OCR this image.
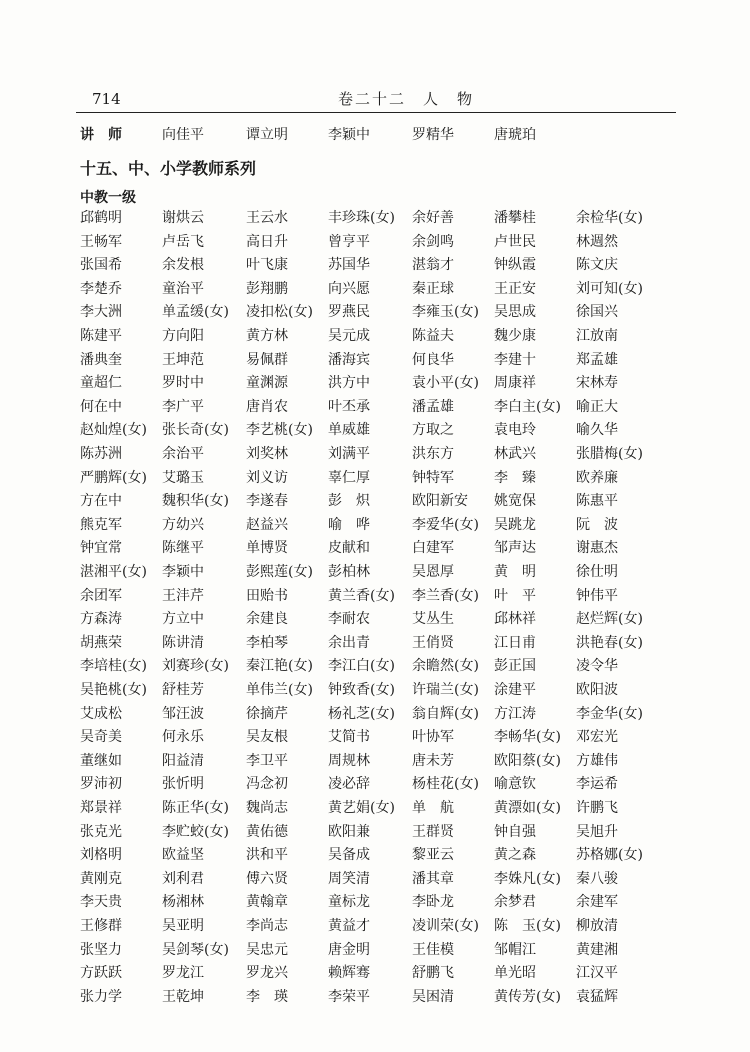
714	卷二十二　人　物
讲师 向佳平	谭立明	李颖中	罗精华	唐琥珀
十五、中、小学教师系列
中教一级
邱鹤明	谢烘云	王云水	丰珍珠(女) 余好善	潘攀桂	余检华(女)
王畅军	卢岳飞	高日升	曾亨平	余剑鸣	卢世民	林週然
张国希	余发根	叶飞康	苏国华	湛翁才	钟纵霞	陈文庆
李楚乔	童治平	彭翔鹏	向兴愿	秦正球	王正安	刘可知(女)
李大洲	单孟缓(女) 凌扣松(女) 罗燕民	李雍玉(女) 吴思成	徐国兴
陈建平	方向阳	黄方林	吴元成	陈益夫	魏少康	江放南
潘典奎	王坤范	易佩群	潘海宾	何良华	李建十	郑孟雄
童超仁	罗时中	童渊源	洪方中	袁小平(女) 周康祥	宋林寿
何在中	李广平	唐肖农	叶丕承	潘孟雄	李白主(女) 喻正大
赵灿煌(女) 张长奇(女) 李艺桃(女) 单威雄	方取之	袁电玲	喻久华
陈苏洲	余治平	刘奖林	刘满平	洪东方	林武兴	张腊梅(女)
严鹏辉(女) 艾璐玉	刘义访	辜仁厚	钟特军	李　臻	欧养廉
方在中	魏积华(女) 李遂春	彭　炽	欧阳新安 姚宽保	陈惠平
熊克军	方幼兴	赵益兴	喻　哗	李爱华(女) 吴跳龙	阮　波
钟宜常	陈继平	单博贤	皮献和	白建军	邹声达	谢惠杰
湛湘平(女) 李颖中	彭熙莲(女) 彭柏林	吴恩厚	黄　明	徐仕明
余团军	王沣芹	田贻书	黄兰香(女) 李兰香(女) 叶　平	钟伟平
方森涛	方立中	余建良	李耐农	艾丛生	邱林祥	赵烂辉(女)
胡燕荣	陈讲清	李柏琴	余出青	王俏贤	江日甫	洪艳春(女)
李培桂(女) 刘赛珍(女) 秦江艳(女) 李江白(女) 余瞻然(女) 彭正国	凌令华
吴艳桃(女) 舒桂芳	单伟兰(女) 钟致香(女) 许瑞兰(女) 涂建平	欧阳波
艾成松	邹汪波	徐摘芹	杨礼芝(女) 翁自辉(女) 方江涛	李金华(女)
吴奇美	何永乐	吴友根	艾简书	叶协军	李畅华(女) 邓宏光
董继如	阳益清	李卫平	周规林	唐未芳	欧阳蔡(女) 方雄伟
罗沛初	张忻明	冯念初	凌必辞	杨桂花(女) 喻意钦	李运希
郑景祥	陈正华(女) 魏尚志	黄艺娟(女) 单　航	黄漂如(女) 许鹏飞
张克光	李贮蛟(女) 黄佑德	欧阳兼	王群贤	钟自强	吴旭升
刘格明	欧益坚	洪和平	吴备成	黎亚云	黄之森	苏格娜(女)
黄刚克	刘利君	傅六贤	周笑清	潘其章	李姝凡(女) 秦八骏
李天贵	杨湘林	黄翰章	童标龙	李卧龙	余梦君	余建军
王修群	吴亚明	李尚志	黄益才	凌训荣(女) 陈　玉(女) 柳放清
张坚力	吴剑琴(女) 吴忠元	唐金明	王佳模	邹帽江	黄建湘
方跃跃	罗龙江	罗龙兴	赖辉骞	舒鹏飞	单光昭	江汉平
张力学	王乾坤	李　瑛	李荣平	吴困清	黄传芳(女) 袁猛辉
